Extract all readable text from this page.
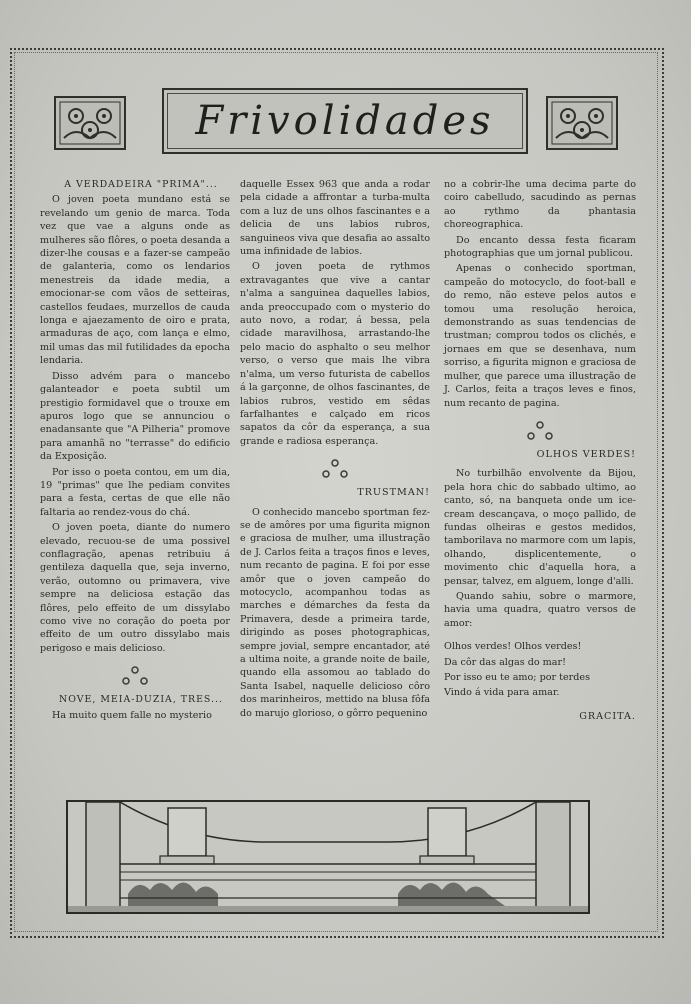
Frivolidades

A VERDADEIRA "PRIMA"...

O joven poeta mundano está se revelando um genio de marca. Toda vez que vae a alguns onde as mulheres são flôres, o poeta desanda a dizer-lhe cousas e a fazer-se campeão de galanteria, como os lendarios menestreis da idade media, a emocionar-se com vãos de setteiras, castellos feudaes, murzellos de cauda longa e ajaezamento de oiro e prata, armaduras de aço, com lança e elmo, mil umas das mil futilidades da epocha lendaria.

Disso advém para o mancebo galanteador e poeta subtil um prestigio formidavel que o trouxe em apuros logo que se annunciou o enadansante que "A Pilheria" promove para amanhã no "terrasse" do edificio da Exposição.

Por isso o poeta contou, em um dia, 19 "primas" que lhe pediam convites para a festa, certas de que elle não faltaria ao rendez-vous do chá.

O joven poeta, diante do numero elevado, recuou-se de uma possivel conflagração, apenas retribuiu á gentileza daquella que, seja inverno, verão, outomno ou primavera, vive sempre na deliciosa estação das flôres, pelo effeito de um dissylabo como vive no coração do poeta por effeito de um outro dissylabo mais perigoso e mais delicioso.

NOVE, MEIA-DUZIA, TRES...

Ha muito quem falle no mysterio

daquelle Essex 963 que anda a rodar pela cidade a affrontar a turba-multa com a luz de uns olhos fascinantes e a delicia de uns labios rubros, sanguineos viva que desafia ao assalto uma infinidade de labios.

O joven poeta de rythmos extravagantes que vive a cantar n'alma a sanguinea daquelles labios, anda preoccupado com o mysterio do auto novo, a rodar, á bessa, pela cidade maravilhosa, arrastando-lhe pelo macio do asphalto o seu melhor verso, o verso que mais lhe vibra n'alma, um verso futurista de cabellos á la garçonne, de olhos fascinantes, de labios rubros, vestido em sêdas farfalhantes e calçado em ricos sapatos da côr da esperança, a sua grande e radiosa esperança.

TRUSTMAN!

O conhecido mancebo sportman fez-se de amôres por uma figurita mignon e graciosa de mulher, uma illustração de J. Carlos feita a traços finos e leves, num recanto de pagina. E foi por esse amôr que o joven campeão do motocyclo, acompanhou todas as marches e démarches da festa da Primavera, desde a primeira tarde, dirigindo as poses photographicas, sempre jovial, sempre encantador, até a ultima noite, a grande noite de baile, quando ella assomou ao tablado do Santa Isabel, naquelle delicioso côro dos marinheiros, mettido na blusa fôfa do marujo glorioso, o gôrro pequenino

no a cobrir-lhe uma decima parte do coiro cabelludo, sacudindo as pernas ao rythmo da phantasia choreographica.

Do encanto dessa festa ficaram photographias que um jornal publicou.

Apenas o conhecido sportman, campeão do motocyclo, do foot-ball e do remo, não esteve pelos autos e tomou uma resolução heroica, demonstrando as suas tendencias de trustman; comprou todos os clichés, e jornaes em que se desenhava, num sorriso, a figurita mignon e graciosa de mulher, que parece uma illustração de J. Carlos, feita a traços leves e finos, num recanto de pagina.

OLHOS VERDES!

No turbilhão envolvente da Bijou, pela hora chic do sabbado ultimo, ao canto, só, na banqueta onde um ice-cream descançava, o moço pallido, de fundas olheiras e gestos medidos, tamborilava no marmore com um lapis, olhando, displicentemente, o movimento chic d'aquella hora, a pensar, talvez, em alguem, longe d'alli.

Quando sahiu, sobre o marmore, havia uma quadra, quatro versos de amor:

Olhos verdes! Olhos verdes!

Da côr das algas do mar!

Por isso eu te amo; por terdes

Vindo á vida para amar.

GRACITA.
